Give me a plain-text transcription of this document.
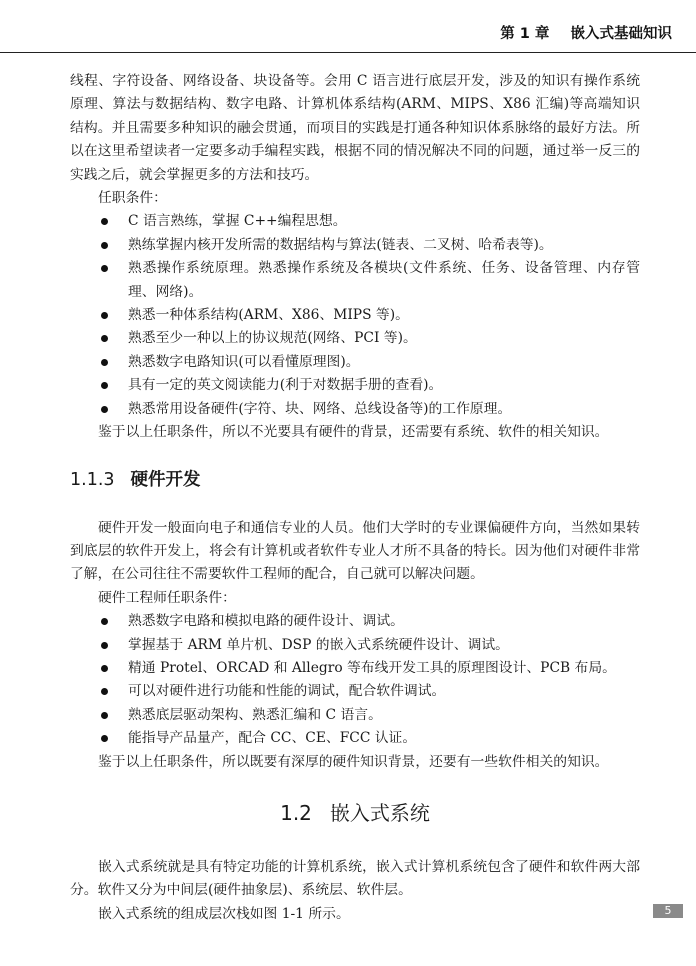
第 1 章 嵌入式基础知识

线程、字符设备、网络设备、块设备等。会用 C 语言进行底层开发，涉及的知识有操作系统原理、算法与数据结构、数字电路、计算机体系结构(ARM、MIPS、X86 汇编)等高端知识结构。并且需要多种知识的融会贯通，而项目的实践是打通各种知识体系脉络的最好方法。所以在这里希望读者一定要多动手编程实践，根据不同的情况解决不同的问题，通过举一反三的实践之后，就会掌握更多的方法和技巧。

任职条件：

C 语言熟练，掌握 C++编程思想。

熟练掌握内核开发所需的数据结构与算法(链表、二叉树、哈希表等)。

熟悉操作系统原理。熟悉操作系统及各模块(文件系统、任务、设备管理、内存管理、网络)。

熟悉一种体系结构(ARM、X86、MIPS 等)。

熟悉至少一种以上的协议规范(网络、PCI 等)。

熟悉数字电路知识(可以看懂原理图)。

具有一定的英文阅读能力(利于对数据手册的查看)。

熟悉常用设备硬件(字符、块、网络、总线设备等)的工作原理。

鉴于以上任职条件，所以不光要具有硬件的背景，还需要有系统、软件的相关知识。

1.1.3 硬件开发

硬件开发一般面向电子和通信专业的人员。他们大学时的专业课偏硬件方向，当然如果转到底层的软件开发上，将会有计算机或者软件专业人才所不具备的特长。因为他们对硬件非常了解，在公司往往不需要软件工程师的配合，自己就可以解决问题。

硬件工程师任职条件：

熟悉数字电路和模拟电路的硬件设计、调试。

掌握基于 ARM 单片机、DSP 的嵌入式系统硬件设计、调试。

精通 Protel、ORCAD 和 Allegro 等布线开发工具的原理图设计、PCB 布局。

可以对硬件进行功能和性能的调试，配合软件调试。

熟悉底层驱动架构、熟悉汇编和 C 语言。

能指导产品量产，配合 CC、CE、FCC 认证。

鉴于以上任职条件，所以既要有深厚的硬件知识背景，还要有一些软件相关的知识。

1.2 嵌入式系统

嵌入式系统就是具有特定功能的计算机系统，嵌入式计算机系统包含了硬件和软件两大部分。软件又分为中间层(硬件抽象层)、系统层、软件层。

嵌入式系统的组成层次栈如图 1-1 所示。	5
